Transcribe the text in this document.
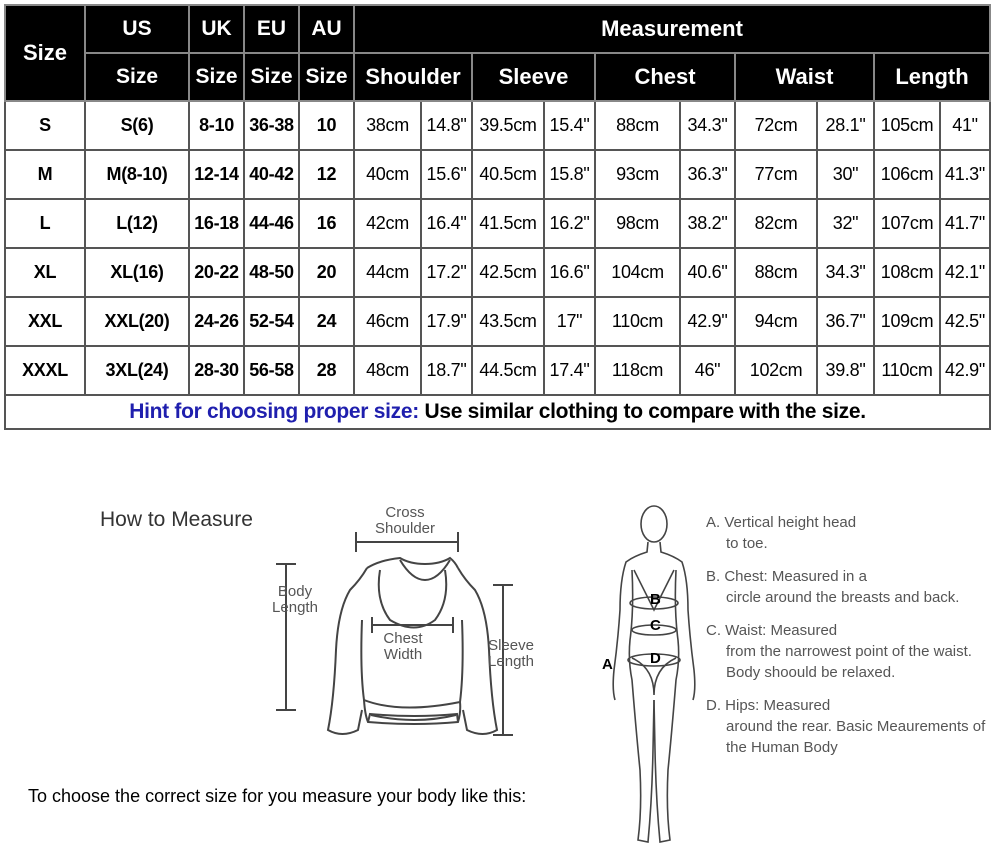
Size	US	UK	EU	AU	Measurement									
	Size	Size	Size	Size	Shoulder		Sleeve		Chest		Waist		Length	
S	S(6)	8-10	36-38	10	38cm	14.8"	39.5cm	15.4"	88cm	34.3"	72cm	28.1"	105cm	41"
M	M(8-10)	12-14	40-42	12	40cm	15.6"	40.5cm	15.8"	93cm	36.3"	77cm	30"	106cm	41.3"
L	L(12)	16-18	44-46	16	42cm	16.4"	41.5cm	16.2"	98cm	38.2"	82cm	32"	107cm	41.7"
XL	XL(16)	20-22	48-50	20	44cm	17.2"	42.5cm	16.6"	104cm	40.6"	88cm	34.3"	108cm	42.1"
XXL	XXL(20)	24-26	52-54	24	46cm	17.9"	43.5cm	17"	110cm	42.9"	94cm	36.7"	109cm	42.5"
XXXL	3XL(24)	28-30	56-58	28	48cm	18.7"	44.5cm	17.4"	118cm	46"	102cm	39.8"	110cm	42.9"
Hint for choosing proper size: Use similar clothing to compare with the size.														
How to Measure	Cross
Shoulder
Body
Length
Chest
Width
Sleeve
Length
To choose the correct size for you measure your body like this:
B
C
D
A
A. Vertical height head
to toe.
B. Chest: Measured in a
circle around the breasts and back.
C. Waist: Measured
from the narrowest point of the waist. Body shoould be relaxed.
D. Hips: Measured
around the rear. Basic Meaurements of the Human Body
